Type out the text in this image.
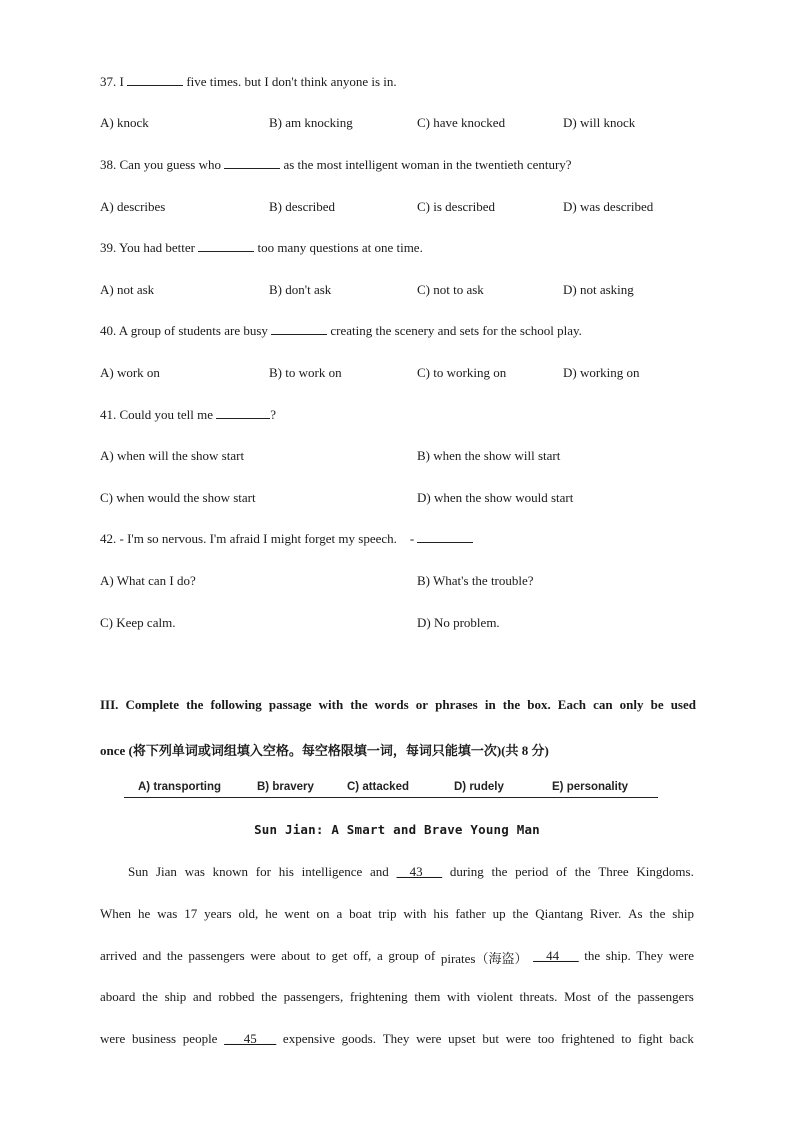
37. I	five times. but I don't think anyone is in.
A) knock	B) am knocking	C) have knocked	D) will knock
38. Can you guess who	as the most intelligent woman in the twentieth century?
A) describes	B) described	C) is described	D) was described
39. You had better	too many questions at one time.
A) not ask	B) don't ask	C) not to ask	D) not asking
40. A group of students are busy	creating the scenery and sets for the school play.
A) work on	B) to work on	C) to working on	D) working on
41. Could you tell me	?
A) when will the show start	B) when the show will start
C) when would the show start	D) when the show would start
42. - I'm so nervous. I'm afraid I might forget my speech.    -
A) What can I do?	B) What's the trouble?
C) Keep calm.	D) No problem.
III. Complete the following passage with the words or phrases in the box. Each can only be used
once (将下列单词或词组填入空格。每空格限填一词，每词只能填一次)(共 8 分)
A) transporting	B) bravery	C) attacked	D) rudely	E) personality
Sun Jian: A Smart and Brave Young Man
Sun Jian was known for his intelligence and __43___ during the period of the Three Kingdoms.
When he was 17 years old, he went on a boat trip with his father up the Qiantang River. As the ship
arrived and the passengers were about to get off, a group of pirates（海盗） __44___ the ship. They were
aboard the ship and robbed the passengers, frightening them with violent threats. Most of the passengers
were business people ___45___ expensive goods. They were upset but were too frightened to fight back
